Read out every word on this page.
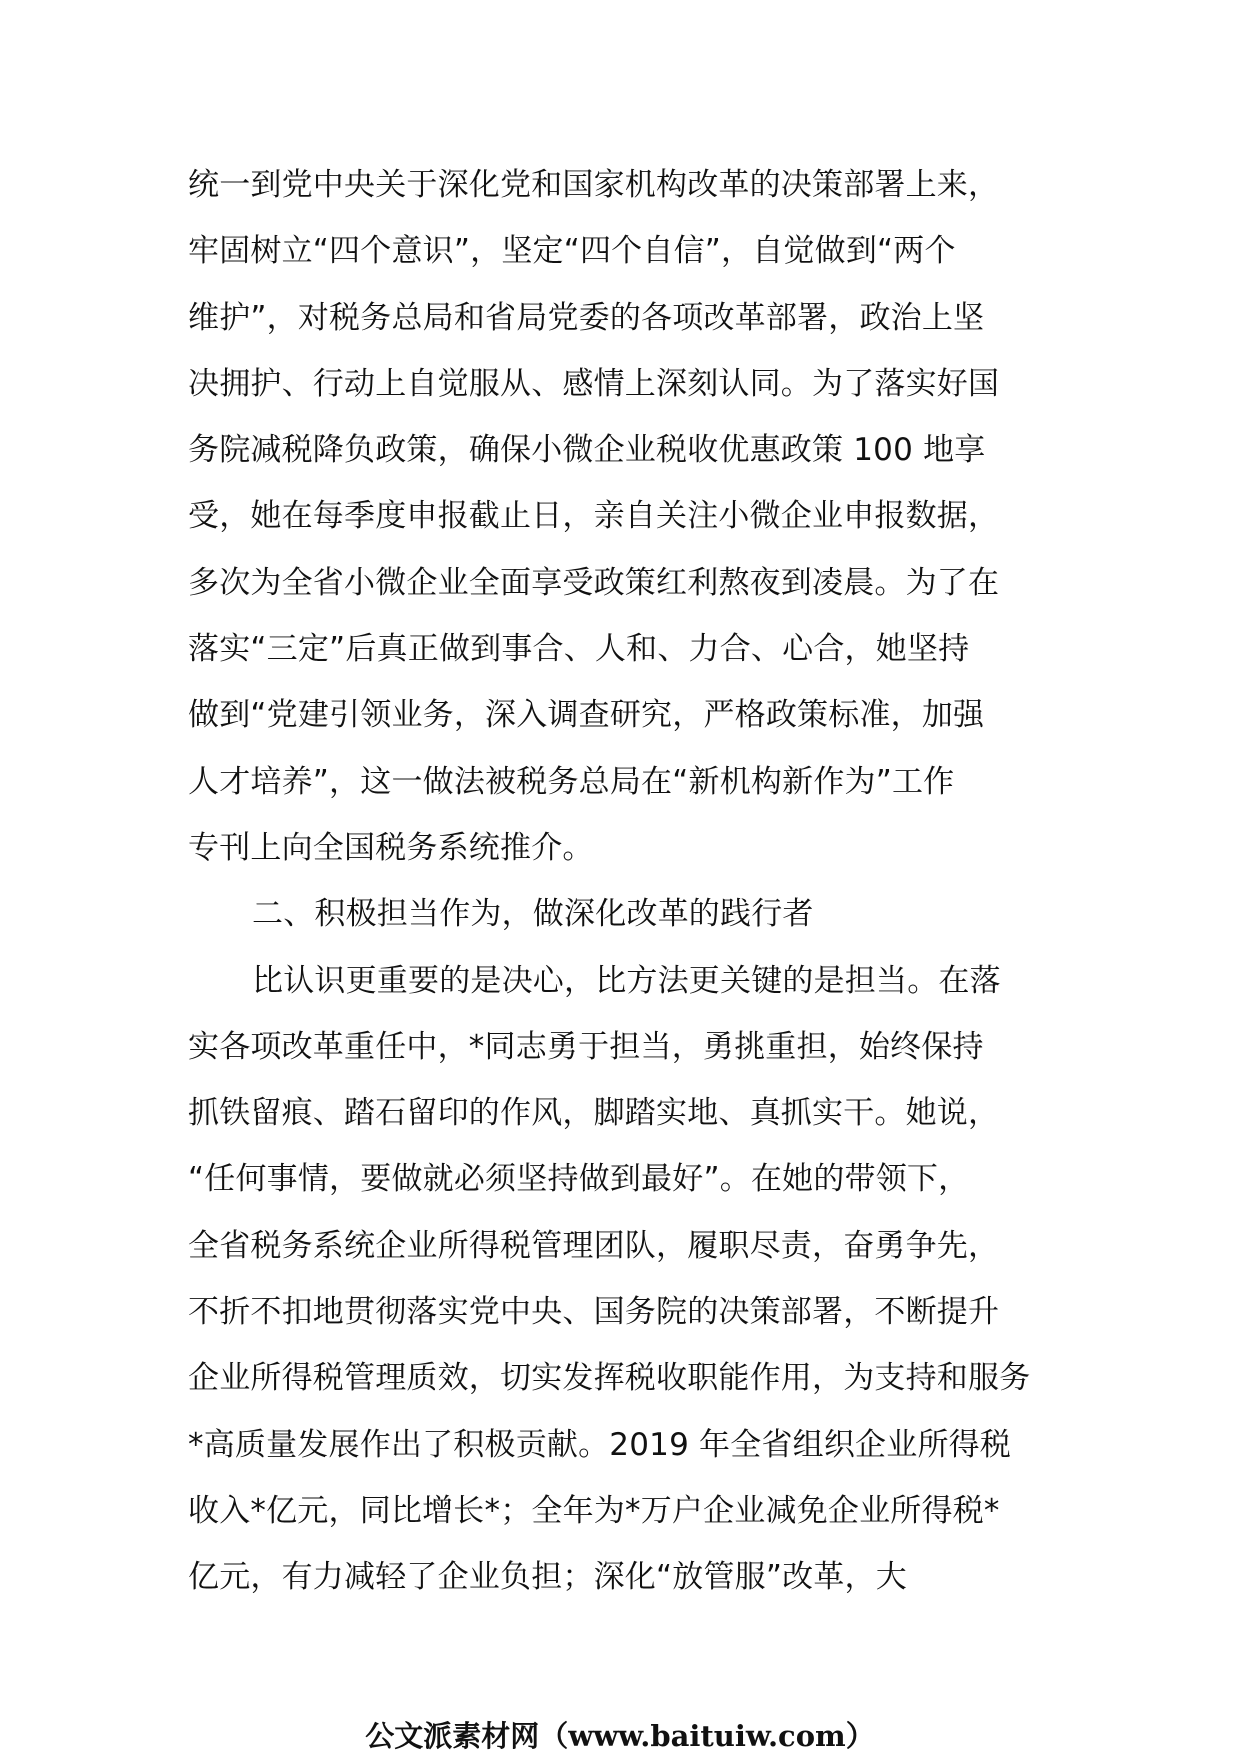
统一到党中央关于深化党和国家机构改革的决策部署上来，
牢固树立“四个意识”，坚定“四个自信”，自觉做到“两个
维护”，对税务总局和省局党委的各项改革部署，政治上坚
决拥护、行动上自觉服从、感情上深刻认同。为了落实好国
务院减税降负政策，确保小微企业税收优惠政策 100 地享
受，她在每季度申报截止日，亲自关注小微企业申报数据，
多次为全省小微企业全面享受政策红利熬夜到凌晨。为了在
落实“三定”后真正做到事合、人和、力合、心合，她坚持
做到“党建引领业务，深入调查研究，严格政策标准，加强
人才培养”，这一做法被税务总局在“新机构新作为”工作
专刊上向全国税务系统推介。
二、积极担当作为，做深化改革的践行者
比认识更重要的是决心，比方法更关键的是担当。在落
实各项改革重任中，*同志勇于担当，勇挑重担，始终保持
抓铁留痕、踏石留印的作风，脚踏实地、真抓实干。她说，
“任何事情，要做就必须坚持做到最好”。在她的带领下，
全省税务系统企业所得税管理团队，履职尽责，奋勇争先，
不折不扣地贯彻落实党中央、国务院的决策部署，不断提升
企业所得税管理质效，切实发挥税收职能作用，为支持和服务
*高质量发展作出了积极贡献。2019 年全省组织企业所得税
收入*亿元，同比增长*；全年为*万户企业减免企业所得税*
亿元，有力减轻了企业负担；深化“放管服”改革，大
公文派素材网（www.baituiw.com）
